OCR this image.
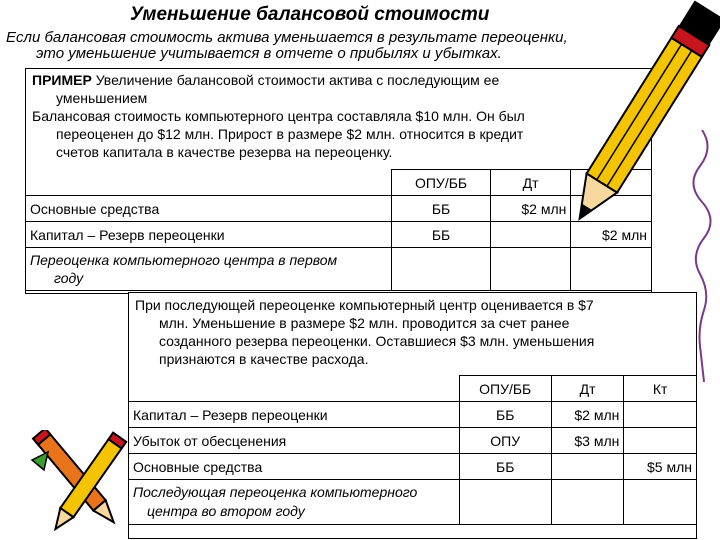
Уменьшение балансовой стоимости
Если балансовая стоимость актива уменьшается в результате переоценки,
это уменьшение учитывается в отчете о прибылях и убытках.
ПРИМЕР Увеличение балансовой стоимости актива с последующим ее
уменьшением
Балансовая стоимость компьютерного центра составляла $10 млн. Он был
переоценен до $12 млн. Прирост в размере $2 млн. относится в кредит
счетов капитала в качестве резерва на переоценку.
	ОПУ/ББ	Дт	
Основные средства	ББ	$2 млн	
Капитал – Резерв переоценки	ББ		$2 млн

Переоценка компьютерного центра в первом
году			

При последующей переоценке компьютерный центр оценивается в $7
млн. Уменьшение в размере $2 млн. проводится за счет ранее
созданного резерва переоценки. Оставшиеся $3 млн. уменьшения
признаются в качестве расхода.
	ОПУ/ББ	Дт	Кт
Капитал – Резерв переоценки	ББ	$2 млн	
Убыток от обесценения	ОПУ	$3 млн	
Основные средства	ББ		$5 млн

Последующая переоценка компьютерного
центра во втором году			
